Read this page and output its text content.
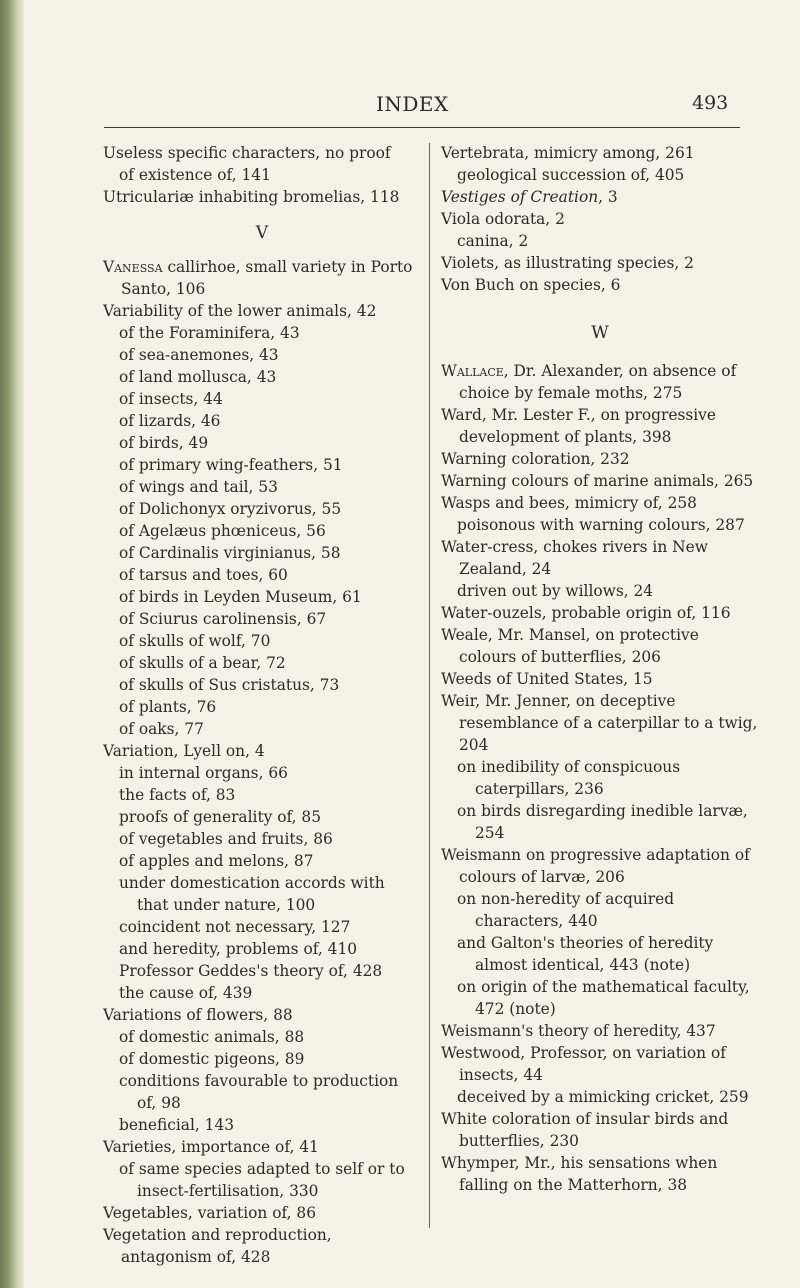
INDEX	493
Useless specific characters, no proof
of existence of, 141
Utriculariæ inhabiting bromelias, 118
V
Vanessa callirhoe, small variety in Porto Santo, 106
Variability of the lower animals, 42
of the Foraminifera, 43
of sea-anemones, 43
of land mollusca, 43
of insects, 44
of lizards, 46
of birds, 49
of primary wing-feathers, 51
of wings and tail, 53
of Dolichonyx oryzivorus, 55
of Agelæus phœniceus, 56
of Cardinalis virginianus, 58
of tarsus and toes, 60
of birds in Leyden Museum, 61
of Sciurus carolinensis, 67
of skulls of wolf, 70
of skulls of a bear, 72
of skulls of Sus cristatus, 73
of plants, 76
of oaks, 77
Variation, Lyell on, 4
in internal organs, 66
the facts of, 83
proofs of generality of, 85
of vegetables and fruits, 86
of apples and melons, 87
under domestication accords with that under nature, 100
coincident not necessary, 127
and heredity, problems of, 410
Professor Geddes's theory of, 428
the cause of, 439
Variations of flowers, 88
of domestic animals, 88
of domestic pigeons, 89
conditions favourable to production of, 98
beneficial, 143
Varieties, importance of, 41
of same species adapted to self or to insect-fertilisation, 330
Vegetables, variation of, 86
Vegetation and reproduction, antagonism of, 428
Vertebrata, mimicry among, 261
geological succession of, 405
Vestiges of Creation, 3
Viola odorata, 2
canina, 2
Violets, as illustrating species, 2
Von Buch on species, 6
W
Wallace, Dr. Alexander, on absence of choice by female moths, 275
Ward, Mr. Lester F., on progressive development of plants, 398
Warning coloration, 232
Warning colours of marine animals, 265
Wasps and bees, mimicry of, 258
poisonous with warning colours, 287
Water-cress, chokes rivers in New Zealand, 24
driven out by willows, 24
Water-ouzels, probable origin of, 116
Weale, Mr. Mansel, on protective colours of butterflies, 206
Weeds of United States, 15
Weir, Mr. Jenner, on deceptive resemblance of a caterpillar to a twig, 204
on inedibility of conspicuous caterpillars, 236
on birds disregarding inedible larvæ, 254
Weismann on progressive adaptation of colours of larvæ, 206
on non-heredity of acquired characters, 440
and Galton's theories of heredity almost identical, 443 (note)
on origin of the mathematical faculty, 472 (note)
Weismann's theory of heredity, 437
Westwood, Professor, on variation of insects, 44
deceived by a mimicking cricket, 259
White coloration of insular birds and butterflies, 230
Whymper, Mr., his sensations when falling on the Matterhorn, 38
